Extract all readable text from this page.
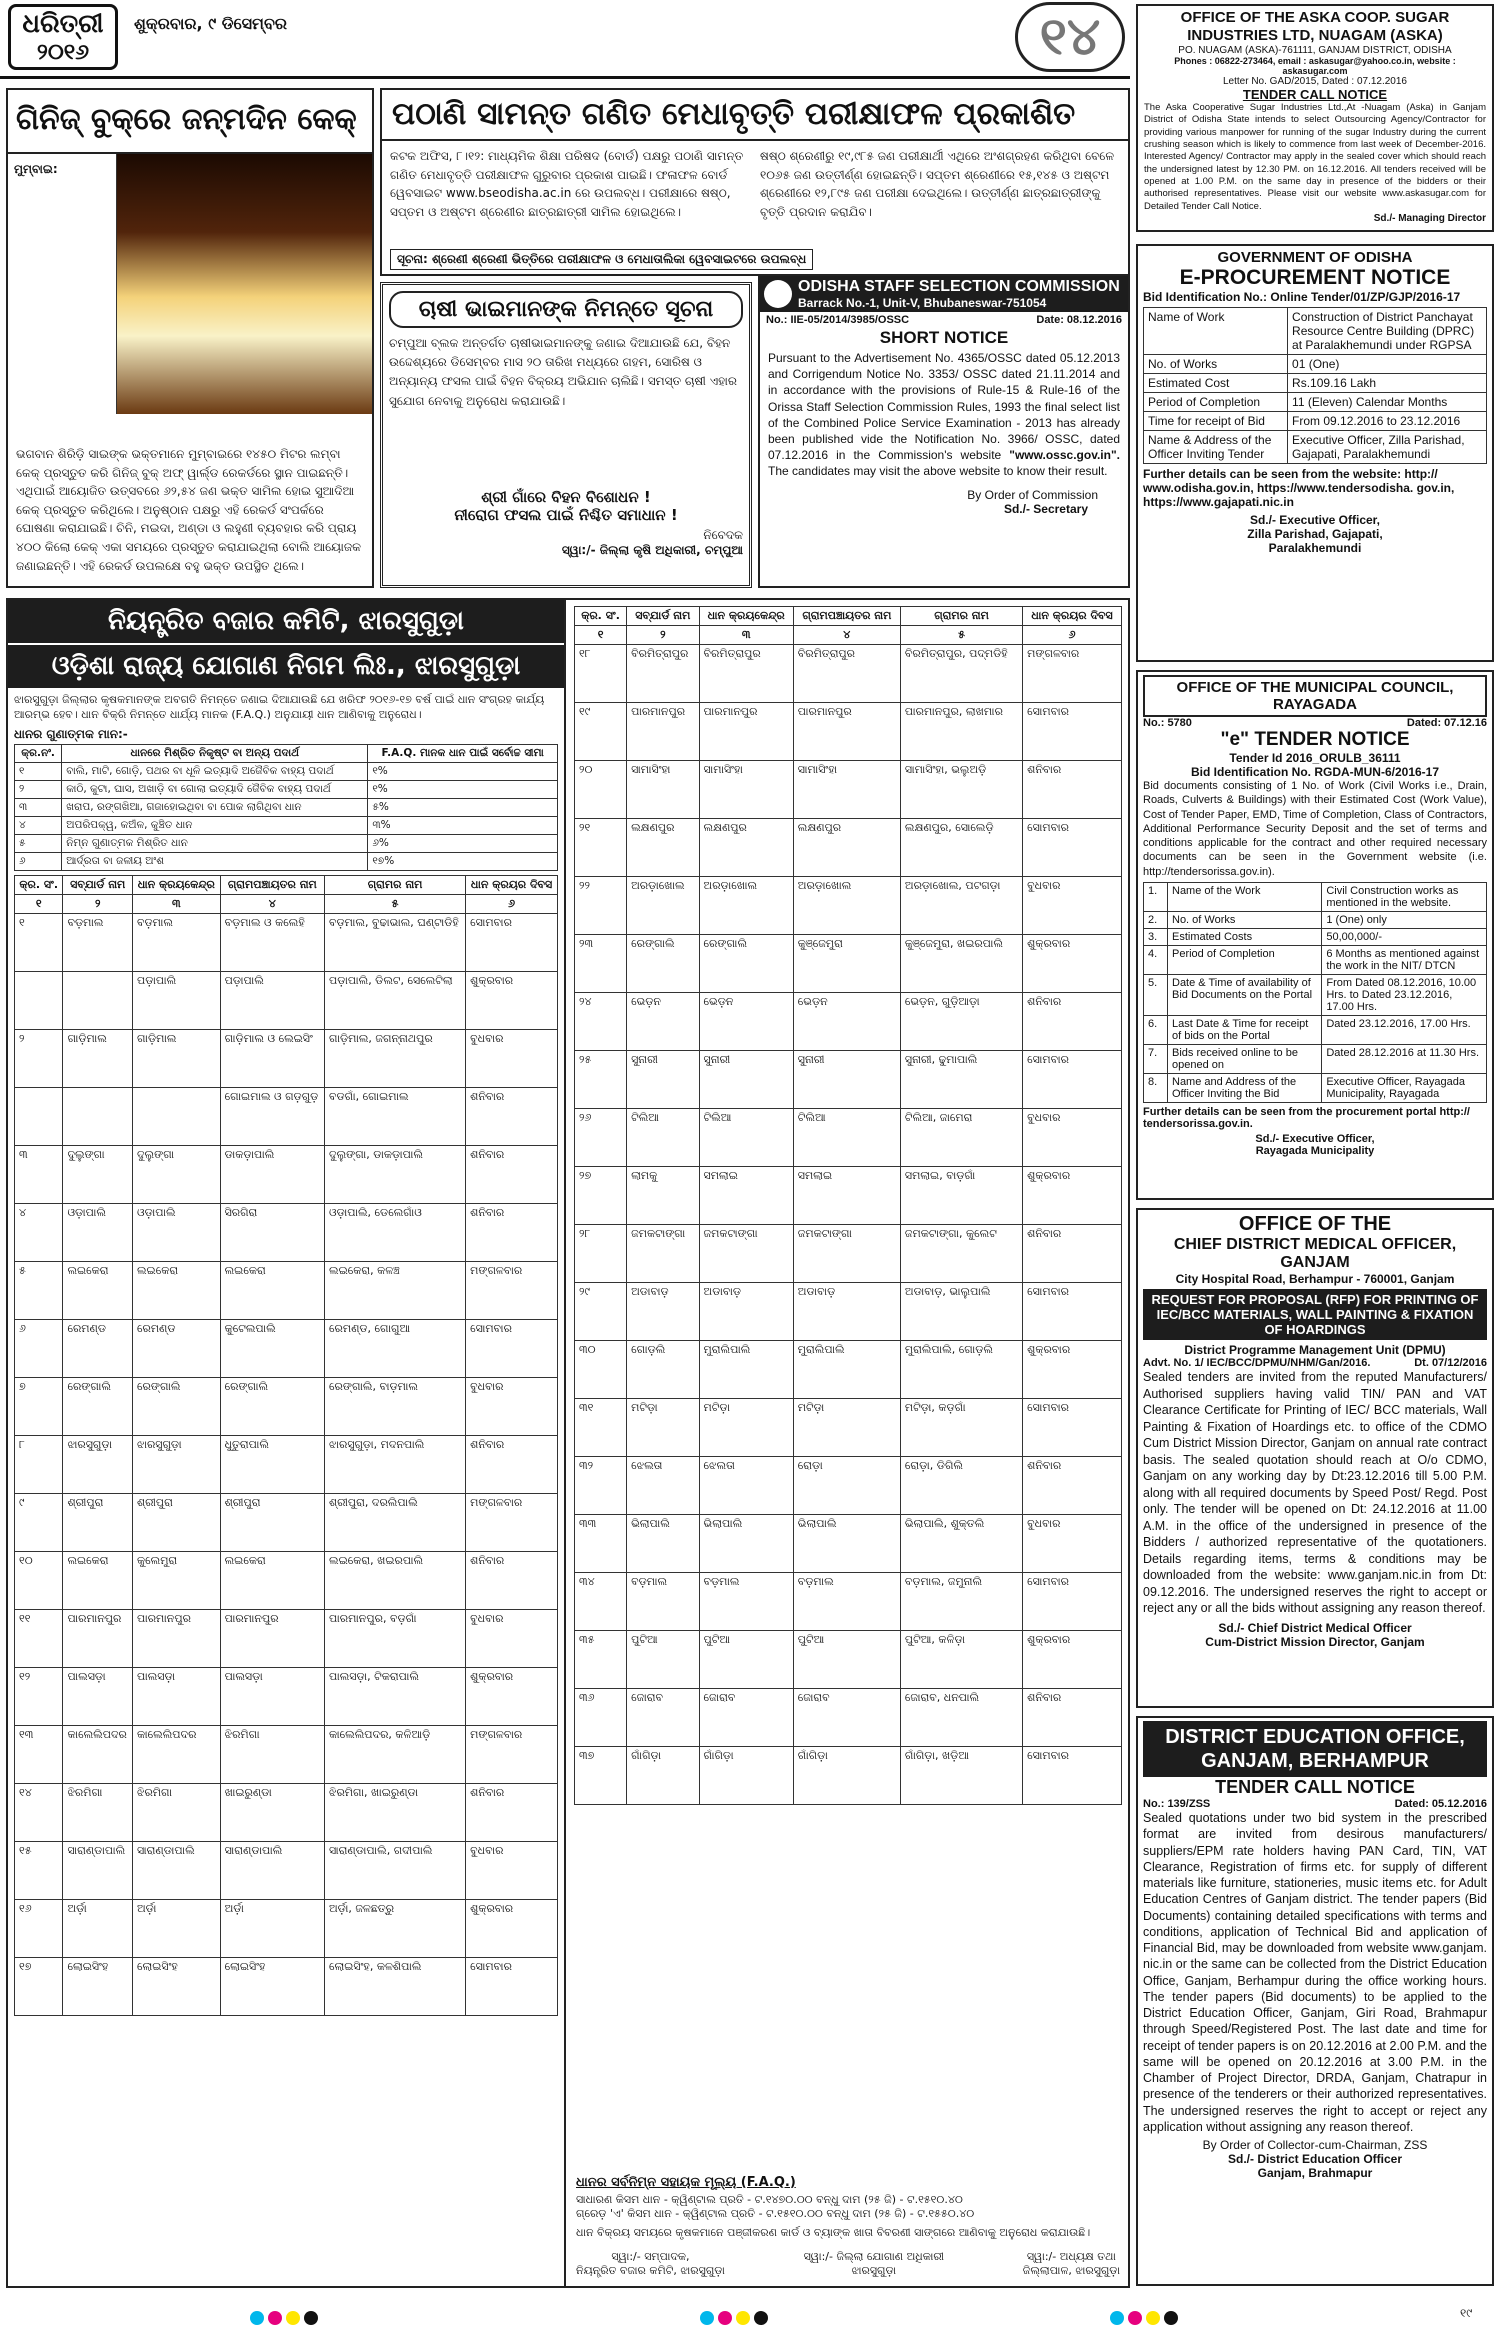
ଧରିତ୍ରୀ
୨୦୧୬
ଶୁକ୍ରବାର, ୯ ଡିସେମ୍ବର	୧୪
ଗିନିଜ୍ ବୁକ୍‌ରେ ଜନ୍ମଦିନ କେକ୍
ମୁମ୍ବାଇ:
ଭଗବାନ ଶିରିଡ଼ି ସାଇଙ୍କ ଭକ୍ତମାନେ ମୁମ୍ବାଇରେ ୧୪୫୦ ମିଟର ଲମ୍ବା କେକ୍ ପ୍ରସ୍ତୁତ କରି ଗିନିଜ୍ ବୁକ୍ ଅଫ୍ ୱାର୍ଲ୍ଡ ରେକର୍ଡରେ ସ୍ଥାନ ପାଇଛନ୍ତି। ଏଥିପାଇଁ ଆୟୋଜିତ ଉତ୍ସବରେ ୬୨,୫୪ ଜଣ ଭକ୍ତ ସାମିଲ ହୋଇ ସୁଆଦିଆ କେକ୍ ପ୍ରସ୍ତୁତ କରିଥିଲେ। ଅନୁଷ୍ଠାନ ପକ୍ଷରୁ ଏହି ରେକର୍ଡ ସଂପର୍କରେ ଘୋଷଣା କରାଯାଇଛି। ଚିନି, ମଇଦା, ଅଣ୍ଡା ଓ ଲହୁଣୀ ବ୍ୟବହାର କରି ପ୍ରାୟ ୪୦୦ କିଲୋ କେକ୍ ଏକା ସମୟରେ ପ୍ରସ୍ତୁତ କରାଯାଇଥିଲା ବୋଲି ଆୟୋଜକ ଜଣାଇଛନ୍ତି। ଏହି ରେକର୍ଡ ଉପଲକ୍ଷେ ବହୁ ଭକ୍ତ ଉପସ୍ଥିତ ଥିଲେ।
ପଠାଣି ସାମନ୍ତ ଗଣିତ ମେଧାବୃତ୍ତି ପରୀକ୍ଷାଫଳ ପ୍ରକାଶିତ
କଟକ ଅଫିସ, ୮।୧୨: ମାଧ୍ୟମିକ ଶିକ୍ଷା ପରିଷଦ (ବୋର୍ଡ) ପକ୍ଷରୁ ପଠାଣି ସାମନ୍ତ ଗଣିତ ମେଧାବୃତ୍ତି ପରୀକ୍ଷାଫଳ ଗୁରୁବାର ପ୍ରକାଶ ପାଇଛି। ଫଳାଫଳ ବୋର୍ଡ ୱେବସାଇଟ www.bseodisha.ac.in ରେ ଉପଲବ୍ଧ। ପରୀକ୍ଷାରେ ଷଷ୍ଠ, ସପ୍ତମ ଓ ଅଷ୍ଟମ ଶ୍ରେଣୀର ଛାତ୍ରଛାତ୍ରୀ ସାମିଲ ହୋଇଥିଲେ।
ଷଷ୍ଠ ଶ୍ରେଣୀରୁ ୧୯,୯୮୫ ଜଣ ପରୀକ୍ଷାର୍ଥୀ ଏଥିରେ ଅଂଶଗ୍ରହଣ କରିଥିବା ବେଳେ ୧୦୬୫ ଜଣ ଉତ୍ତୀର୍ଣ୍ଣ ହୋଇଛନ୍ତି। ସପ୍ତମ ଶ୍ରେଣୀରେ ୧୫,୧୪୫ ଓ ଅଷ୍ଟମ ଶ୍ରେଣୀରେ ୧୨,୮୯୫ ଜଣ ପରୀକ୍ଷା ଦେଇଥିଲେ। ଉତ୍ତୀର୍ଣ୍ଣ ଛାତ୍ରଛାତ୍ରୀଙ୍କୁ ବୃତ୍ତି ପ୍ରଦାନ କରାଯିବ।
ସୂଚନା: ଶ୍ରେଣୀ ଶ୍ରେଣୀ ଭିତ୍ତିରେ ପରୀକ୍ଷାଫଳ ଓ ମେଧାତାଲିକା ୱେବସାଇଟରେ ଉପଲବ୍ଧ
ଚାଷୀ ଭାଇମାନଙ୍କ ନିମନ୍ତେ ସୂଚନା
ଚମ୍ପୁଆ ବ୍ଲକ ଅନ୍ତର୍ଗତ ଚାଷୀଭାଇମାନଙ୍କୁ ଜଣାଇ ଦିଆଯାଉଛି ଯେ, ବିହନ ଉଦ୍ଦେଶ୍ୟରେ ଡିସେମ୍ବର ମାସ ୨୦ ତାରିଖ ମଧ୍ୟରେ ଗହମ, ସୋରିଷ ଓ ଅନ୍ୟାନ୍ୟ ଫସଲ ପାଇଁ ବିହନ ବିକ୍ରୟ ଅଭିଯାନ ଚାଲିଛି। ସମସ୍ତ ଚାଷୀ ଏହାର ସୁଯୋଗ ନେବାକୁ ଅନୁରୋଧ କରାଯାଉଛି।
ଶ୍ରୀ ଗାଁରେ ବିହନ ବିଶୋଧନ !
ନୀରୋଗ ଫସଲ ପାଇଁ ନିଶ୍ଚିତ ସମାଧାନ !
ନିବେଦକ
ସ୍ୱା:/- ଜିଲ୍ଲା କୃଷି ଅଧିକାରୀ, ଚମ୍ପୁଆ
ODISHA STAFF SELECTION COMMISSION
Barrack No.-1, Unit-V, Bhubaneswar-751054
No.: IIE-05/2014/3985/OSSC	Date: 08.12.2016
SHORT NOTICE
Pursuant to the Advertisement No. 4365/OSSC dated 05.12.2013 and Corrigendum Notice No. 3353/ OSSC dated 21.11.2014 and in accordance with the provisions of Rule-15 & Rule-16 of the Orissa Staff Selection Commission Rules, 1993 the final select list of the Combined Police Service Examination - 2013 has already been published vide the Notification No. 3966/ OSSC, dated 07.12.2016 in the Commission's website "www.ossc.gov.in". The candidates may visit the above website to know their result.
By Order of Commission
Sd./- Secretary
OFFICE OF THE ASKA COOP. SUGAR INDUSTRIES LTD, NUAGAM (ASKA)
PO. NUAGAM (ASKA)-761111, GANJAM DISTRICT, ODISHA
Phones : 06822-273464, email : askasugar@yahoo.co.in, website : askasugar.com
Letter No. GAD/2015, Dated : 07.12.2016
TENDER CALL NOTICE
The Aska Cooperative Sugar Industries Ltd.,At -Nuagam (Aska) in Ganjam District of Odisha State intends to select Outsourcing Agency/Contractor for providing various manpower for running of the sugar Industry during the current crushing season which is likely to commence from last week of December-2016. Interested Agency/ Contractor may apply in the sealed cover which should reach the undersigned latest by 12.30 PM. on 16.12.2016. All tenders received will be opened at 1.00 P.M. on the same day in presence of the bidders or their authorised representatives. Please visit our website www.askasugar.com for Detailed Tender Call Notice.
Sd./- Managing Director
GOVERNMENT OF ODISHA
E-PROCUREMENT NOTICE
Bid Identification No.: Online Tender/01/ZP/GJP/2016-17
Name of Work	Construction of District Panchayat Resource Centre Building (DPRC) at Paralakhemundi under RGPSA
No. of Works	01 (One)
Estimated Cost	Rs.109.16 Lakh
Period of Completion	11 (Eleven) Calendar Months
Time for receipt of Bid	From 09.12.2016 to 23.12.2016
Name & Address of the Officer Inviting Tender	Executive Officer, Zilla Parishad, Gajapati, Paralakhemundi
Further details can be seen from the website: http:// www.odisha.gov.in, https://www.tendersodisha. gov.in, https://www.gajapati.nic.in
Sd./- Executive Officer,
Zilla Parishad, Gajapati,
Paralakhemundi
OFFICE OF THE MUNICIPAL COUNCIL, RAYAGADA
No.: 5780	Dated: 07.12.16
"e" TENDER NOTICE
Tender Id 2016_ORULB_36111
Bid Identification No. RGDA-MUN-6/2016-17
Bid documents consisting of 1 No. of Work (Civil Works i.e., Drain, Roads, Culverts & Buildings) with their Estimated Cost (Work Value), Cost of Tender Paper, EMD, Time of Completion, Class of Contractors, Additional Performance Security Deposit and the set of terms and conditions applicable for the contract and other required necessary documents can be seen in the Government website (i.e. http://tendersorissa.gov.in).
1.	Name of the Work	Civil Construction works as mentioned in the website.
2.	No. of Works	1 (One) only
3.	Estimated Costs	50,00,000/-
4.	Period of Completion	6 Months as mentioned against the work in the NIT/ DTCN
5.	Date & Time of availability of Bid Documents on the Portal	From Dated 08.12.2016, 10.00 Hrs. to Dated 23.12.2016, 17.00 Hrs.
6.	Last Date & Time for receipt of bids on the Portal	Dated 23.12.2016, 17.00 Hrs.
7.	Bids received online to be opened on	Dated 28.12.2016 at 11.30 Hrs.
8.	Name and Address of the Officer Inviting the Bid	Executive Officer, Rayagada Municipality, Rayagada
Further details can be seen from the procurement portal http:// tendersorissa.gov.in.
Sd./- Executive Officer,
Rayagada Municipality
OFFICE OF THE
CHIEF DISTRICT MEDICAL OFFICER, GANJAM
City Hospital Road, Berhampur - 760001, Ganjam
REQUEST FOR PROPOSAL (RFP) FOR PRINTING OF IEC/BCC MATERIALS, WALL PAINTING & FIXATION OF HOARDINGS
District Programme Management Unit (DPMU)
Advt. No. 1/ IEC/BCC/DPMU/NHM/Gan/2016.	Dt. 07/12/2016
Sealed tenders are invited from the reputed Manufacturers/ Authorised suppliers having valid TIN/ PAN and VAT Clearance Certificate for Printing of IEC/ BCC materials, Wall Painting & Fixation of Hoardings etc. to office of the CDMO Cum District Mission Director, Ganjam on annual rate contract basis. The sealed quotation should reach at O/o CDMO, Ganjam on any working day by Dt:23.12.2016 till 5.00 P.M. along with all required documents by Speed Post/ Regd. Post only. The tender will be opened on Dt: 24.12.2016 at 11.00 A.M. in the office of the undersigned in presence of the Bidders / authorized representative of the quotationers. Details regarding items, terms & conditions may be downloaded from the website: www.ganjam.nic.in from Dt: 09.12.2016. The undersigned reserves the right to accept or reject any or all the bids without assigning any reason thereof.
Sd./- Chief District Medical Officer
Cum-District Mission Director, Ganjam
DISTRICT EDUCATION OFFICE, GANJAM, BERHAMPUR
TENDER CALL NOTICE
No.: 139/ZSS	Dated: 05.12.2016
Sealed quotations under two bid system in the prescribed format are invited from desirous manufacturers/ suppliers/EPM rate holders having PAN Card, TIN, VAT Clearance, Registration of firms etc. for supply of different materials like furniture, stationeries, music items etc. for Adult Education Centres of Ganjam district. The tender papers (Bid Documents) containing detailed specifications with terms and conditions, application of Technical Bid and application of Financial Bid, may be downloaded from website www.ganjam. nic.in or the same can be collected from the District Education Office, Ganjam, Berhampur during the office working hours. The tender papers (Bid documents) to be applied to the District Education Officer, Ganjam, Giri Road, Brahmapur through Speed/Registered Post. The last date and time for receipt of tender papers is on 20.12.2016 at 2.00 P.M. and the same will be opened on 20.12.2016 at 3.00 P.M. in the Chamber of Project Director, DRDA, Ganjam, Chatrapur in presence of the tenderers or their authorized representatives. The undersigned reserves the right to accept or reject any application without assigning any reason thereof.
By Order of Collector-cum-Chairman, ZSS
Sd./- District Education Officer
Ganjam, Brahmapur
ନିୟନ୍ତ୍ରିତ ବଜାର କମିଟି, ଝାରସୁଗୁଡ଼ା
ଓଡ଼ିଶା ରାଜ୍ୟ ଯୋଗାଣ ନିଗମ ଲିଃ., ଝାରସୁଗୁଡ଼ା
ଝାରସୁଗୁଡ଼ା ଜିଲ୍ଲାର କୃଷକମାନଙ୍କ ଅବଗତି ନିମନ୍ତେ ଜଣାଇ ଦିଆଯାଉଛି ଯେ ଖରିଫ ୨୦୧୬-୧୭ ବର୍ଷ ପାଇଁ ଧାନ ସଂଗ୍ରହ କାର୍ଯ୍ୟ ଆରମ୍ଭ ହେବ। ଧାନ ବିକ୍ରି ନିମନ୍ତେ ଧାର୍ଯ୍ୟ ମାନକ (F.A.Q.) ଅନୁଯାୟୀ ଧାନ ଆଣିବାକୁ ଅନୁରୋଧ।
ଧାନର ଗୁଣାତ୍ମକ ମାନ:-
କ୍ର.ନଂ.	ଧାନରେ ମିଶ୍ରିତ ନିକୃଷ୍ଟ ବା ଅନ୍ୟ ପଦାର୍ଥ	F.A.Q. ମାନକ ଧାନ ପାଇଁ ସର୍ବୋଚ୍ଚ ସୀମା
୧	ବାଲି, ମାଟି, ଗୋଡ଼ି, ପଥର ବା ଧୂଳି ଇତ୍ୟାଦି ଅଜୈବିକ ବାହ୍ୟ ପଦାର୍ଥ	୧%
୨	କାଠି, କୁଟା, ଘାସ, ଅଖାଡ଼ି ବା ଗୋଲା ଇତ୍ୟାଦି ଜୈବିକ ବାହ୍ୟ ପଦାର୍ଥ	୧%
୩	ଖରାପ, ରଙ୍ଗଖିଆ, ଗଜାହୋଇଥିବା ବା ପୋକ ଲାଗିଥିବା ଧାନ	୫%
୪	ଅପରିପକ୍ୱ, କଅଁଳ, କୁଞ୍ଚିତ ଧାନ	୩%
୫	ନିମ୍ନ ଗୁଣାତ୍ମକ ମିଶ୍ରିତ ଧାନ	୬%
୬	ଆର୍ଦ୍ରତା ବା ଜଳୀୟ ଅଂଶ	୧୭%
କ୍ର. ସଂ.	ସବ୍‌ଯାର୍ଡ ନାମ	ଧାନ କ୍ରୟକେନ୍ଦ୍ର	ଗ୍ରାମପଞ୍ଚାୟତର ନାମ	ଗ୍ରାମର ନାମ	ଧାନ କ୍ରୟର ଦିବସ
୧	୨	୩	୪	୫	୬
୧	ବଡ଼ମାଲ	ବଡ଼ମାଲ	ବଡ଼ମାଲ ଓ କଲେହି	ବଡ଼ମାଲ, ବୁଢାଭାଲ, ଘଣ୍ଟାଡିହି	ସୋମବାର
		ପଡ଼ାପାଲି	ପଡ଼ାପାଲି	ପଡ଼ାପାଲି, ଡିଲଟ, ସେଲେଟିଲା	ଶୁକ୍ରବାର
୨	ଗାଡ଼ିମାଲ	ଗାଡ଼ିମାଲ	ଗାଡ଼ିମାଲ ଓ ଲେଇସିଂ	ଗାଡ଼ିମାଲ, ଜଗନ୍ନାଥପୁର	ବୁଧବାର
			ଗୋଇମାଲ ଓ ଗଡ଼ଗୁଡ଼	ବଡଗାଁ, ଗୋଇମାଲ	ଶନିବାର
୩	ଦୁଲୁଙ୍ଗା	ଦୁଲୁଙ୍ଗା	ଡାକଡ଼ାପାଲି	ଦୁଲୁଙ୍ଗା, ଡାକଡ଼ାପାଲି	ଶନିବାର
୪	ଓଡ଼ାପାଲି	ଓଡ଼ାପାଲି	ସିରଗିରା	ଓଡ଼ାପାଲି, ଡେଲେଗାଁଓ	ଶନିବାର
୫	ଲଇକେରା	ଲଇକେରା	ଲଇକେରା	ଲଇକେରା, କଳଞ୍ଚ	ମଙ୍ଗଳବାର
୬	ରେମଣ୍ଡ	ରେମଣ୍ଡ	କୁଟେଲପାଲି	ରେମଣ୍ଡ, ଗୋଗୁଆ	ସୋମବାର
୭	ରେଙ୍ଗାଲି	ରେଙ୍ଗାଲି	ରେଙ୍ଗାଲି	ରେଙ୍ଗାଲି, ବାଡ଼ମାଲ	ବୁଧବାର
୮	ଝାରସୁଗୁଡ଼ା	ଝାରସୁଗୁଡ଼ା	ଧୁତୁରାପାଲି	ଝାରସୁଗୁଡ଼ା, ମଦନପାଲି	ଶନିବାର
୯	ଶ୍ରୀପୁରା	ଶ୍ରୀପୁରା	ଶ୍ରୀପୁରା	ଶ୍ରୀପୁରା, ଦରଲିପାଲି	ମଙ୍ଗଳବାର
୧୦	ଲଇକେରା	କୁଲେମୁରା	ଲଇକେରା	ଲଇକେରା, ଖଇରପାଲି	ଶନିବାର
୧୧	ପାରମାନପୁର	ପାରମାନପୁର	ପାରମାନପୁର	ପାରମାନପୁର, ବଡ଼ଗାଁ	ବୁଧବାର
୧୨	ପାଲସଡ଼ା	ପାଲସଡ଼ା	ପାଲସଡ଼ା	ପାଲସଡ଼ା, ଟିକରାପାଲି	ଶୁକ୍ରବାର
୧୩	କାଲେଲିପଦର	କାଲେଲିପଦର	ଝିରମିଗା	କାଲେଲିପଦର, କଳିଆଡ଼ି	ମଙ୍ଗଳବାର
୧୪	ଝିରମିଗା	ଝିରମିଗା	ଖାଇରୁଣ୍ଡା	ଝିରମିଗା, ଖାଇରୁଣ୍ଡା	ଶନିବାର
୧୫	ସାରାଣ୍ଡାପାଲି	ସାରାଣ୍ଡାପାଲି	ସାରାଣ୍ଡାପାଲି	ସାରାଣ୍ଡାପାଲି, ଗଦୀପାଲି	ବୁଧବାର
୧୬	ଅର୍ଡ଼ା	ଅର୍ଡ଼ା	ଅର୍ଡ଼ା	ଅର୍ଡ଼ା, ଜଳଛତ୍ରୁ	ଶୁକ୍ରବାର
୧୭	ଲୋଇସିଂହ	ଲୋଇସିଂହ	ଲୋଇସିଂହ	ଲୋଇସିଂହ, କଳଶିପାଲି	ସୋମବାର
କ୍ର. ସଂ.	ସବ୍‌ଯାର୍ଡ ନାମ	ଧାନ କ୍ରୟକେନ୍ଦ୍ର	ଗ୍ରାମପଞ୍ଚାୟତର ନାମ	ଗ୍ରାମର ନାମ	ଧାନ କ୍ରୟର ଦିବସ
୧	୨	୩	୪	୫	୬
୧୮	ବିରମିତ୍ରାପୁର	ବିରମିତ୍ରାପୁର	ବିରମିତ୍ରାପୁର	ବିରମିତ୍ରାପୁର, ପଦ୍ମଡିହି	ମଙ୍ଗଳବାର
୧୯	ପାରମାନପୁର	ପାରମାନପୁର	ପାରମାନପୁର	ପାରମାନପୁର, ଲାଖମାର	ସୋମବାର
୨୦	ସାମାସିଂହା	ସାମାସିଂହା	ସାମାସିଂହା	ସାମାସିଂହା, ଭଲୁଅଡ଼ି	ଶନିବାର
୨୧	ଲକ୍ଷଣପୁର	ଲକ୍ଷଣପୁର	ଲକ୍ଷଣପୁର	ଲକ୍ଷଣପୁର, ସୋଲେଡ଼ି	ସୋମବାର
୨୨	ଅରଡ଼ାଖୋଲ	ଅରଡ଼ାଖୋଲ	ଅରଡ଼ାଖୋଲ	ଅରଡ଼ାଖୋଲ, ପଟଗଡ଼ା	ବୁଧବାର
୨୩	ରେଙ୍ଗାଲି	ରେଙ୍ଗାଲି	କୁଞ୍ଜେମୁରା	କୁଞ୍ଜେମୁରା, ଖଇରପାଲି	ଶୁକ୍ରବାର
୨୪	ଭେଡ଼ନ	ଭେଡ଼ନ	ଭେଡ଼ନ	ଭେଡ଼ନ, ଗୁଡ଼ିଆଡ଼ା	ଶନିବାର
୨୫	ସୁନାରୀ	ସୁନାରୀ	ସୁନାରୀ	ସୁନାରୀ, ଢୁମାପାଲି	ସୋମବାର
୨୬	ଟିଲିଆ	ଟିଲିଆ	ଟିଲିଆ	ଟିଲିଆ, ଜାମେରା	ବୁଧବାର
୨୭	ଲାମକୁ	ସମଲାଇ	ସମଲାଇ	ସମଲାଇ, ବାଡ଼ଗାଁ	ଶୁକ୍ରବାର
୨୮	ଜମକଟାଙ୍ଗା	ଜମକଟାଙ୍ଗା	ଜମକଟାଙ୍ଗା	ଜମକଟାଙ୍ଗା, କୁଲେଟ	ଶନିବାର
୨୯	ଅଡାବାଡ଼	ଅଡାବାଡ଼	ଅଡାବାଡ଼	ଅଡାବାଡ଼, ଭାଲୁପାଲି	ସୋମବାର
୩୦	ଗୋଡ଼ଲି	ମୁରାଲିପାଲି	ମୁରାଲିପାଲି	ମୁରାଲିପାଲି, ଗୋଡ଼ଲି	ଶୁକ୍ରବାର
୩୧	ମଟିଡ଼ା	ମଟିଡ଼ା	ମଟିଡ଼ା	ମଟିଡ଼ା, କଡ଼ଗାଁ	ସୋମବାର
୩୨	ଝେଲତା	ଝେଲତା	ରୋଡ଼ା	ରୋଡ଼ା, ଡିଗିଲି	ଶନିବାର
୩୩	ଭିଲାପାଲି	ଭିଲାପାଲି	ଭିଲାପାଲି	ଭିଲାପାଲି, ଶୁକ୍ତଲି	ବୁଧବାର
୩୪	ବଡ଼ମାଲ	ବଡ଼ମାଲ	ବଡ଼ମାଲ	ବଡ଼ମାଲ, ଜମୁନାଲି	ସୋମବାର
୩୫	ପୁଟିଆ	ପୁଟିଆ	ପୁଟିଆ	ପୁଟିଆ, କଳିଡ଼ା	ଶୁକ୍ରବାର
୩୬	ଜୋରାବ	ଜୋରାବ	ଜୋରାବ	ଜୋରାବ, ଧନପାଲି	ଶନିବାର
୩୭	ଗାଁଗିଡ଼ା	ଗାଁଗିଡ଼ା	ଗାଁଗିଡ଼ା	ଗାଁଗିଡ଼ା, ଖଡ଼ିଆ	ସୋମବାର
ଧାନର ସର୍ବନିମ୍ନ ସହାୟକ ମୂଲ୍ୟ (F.A.Q.)
ସାଧାରଣ କିସମ ଧାନ - କ୍ୱିଣ୍ଟାଲ ପ୍ରତି - ଟ.୧୪୭୦.୦୦ ବନ୍ଧୁ ଦାମ (୨୫ ଜି) - ଟ.୧୫୧୦.୪୦
ଗ୍ରେଡ଼ 'ଏ' କିସମ ଧାନ - କ୍ୱିଣ୍ଟାଲ ପ୍ରତି - ଟ.୧୫୧୦.୦୦ ବନ୍ଧୁ ଦାମ (୨୫ ଜି) - ଟ.୧୫୫୦.୪୦
ଧାନ ବିକ୍ରୟ ସମୟରେ କୃଷକମାନେ ପଞ୍ଜୀକରଣ କାର୍ଡ ଓ ବ୍ୟାଙ୍କ ଖାତା ବିବରଣୀ ସାଙ୍ଗରେ ଆଣିବାକୁ ଅନୁରୋଧ କରାଯାଉଛି।
ସ୍ୱା:/- ସମ୍ପାଦକ,
ନିୟନ୍ତ୍ରିତ ବଜାର କମିଟି, ଝାରସୁଗୁଡ଼ା
ସ୍ୱା:/- ଜିଲ୍ଲା ଯୋଗାଣ ଅଧିକାରୀ
ଝାରସୁଗୁଡ଼ା
ସ୍ୱା:/- ଅଧ୍ୟକ୍ଷ ତଥା
ଜିଲ୍ଲାପାଳ, ଝାରସୁଗୁଡ଼ା
୧୯
